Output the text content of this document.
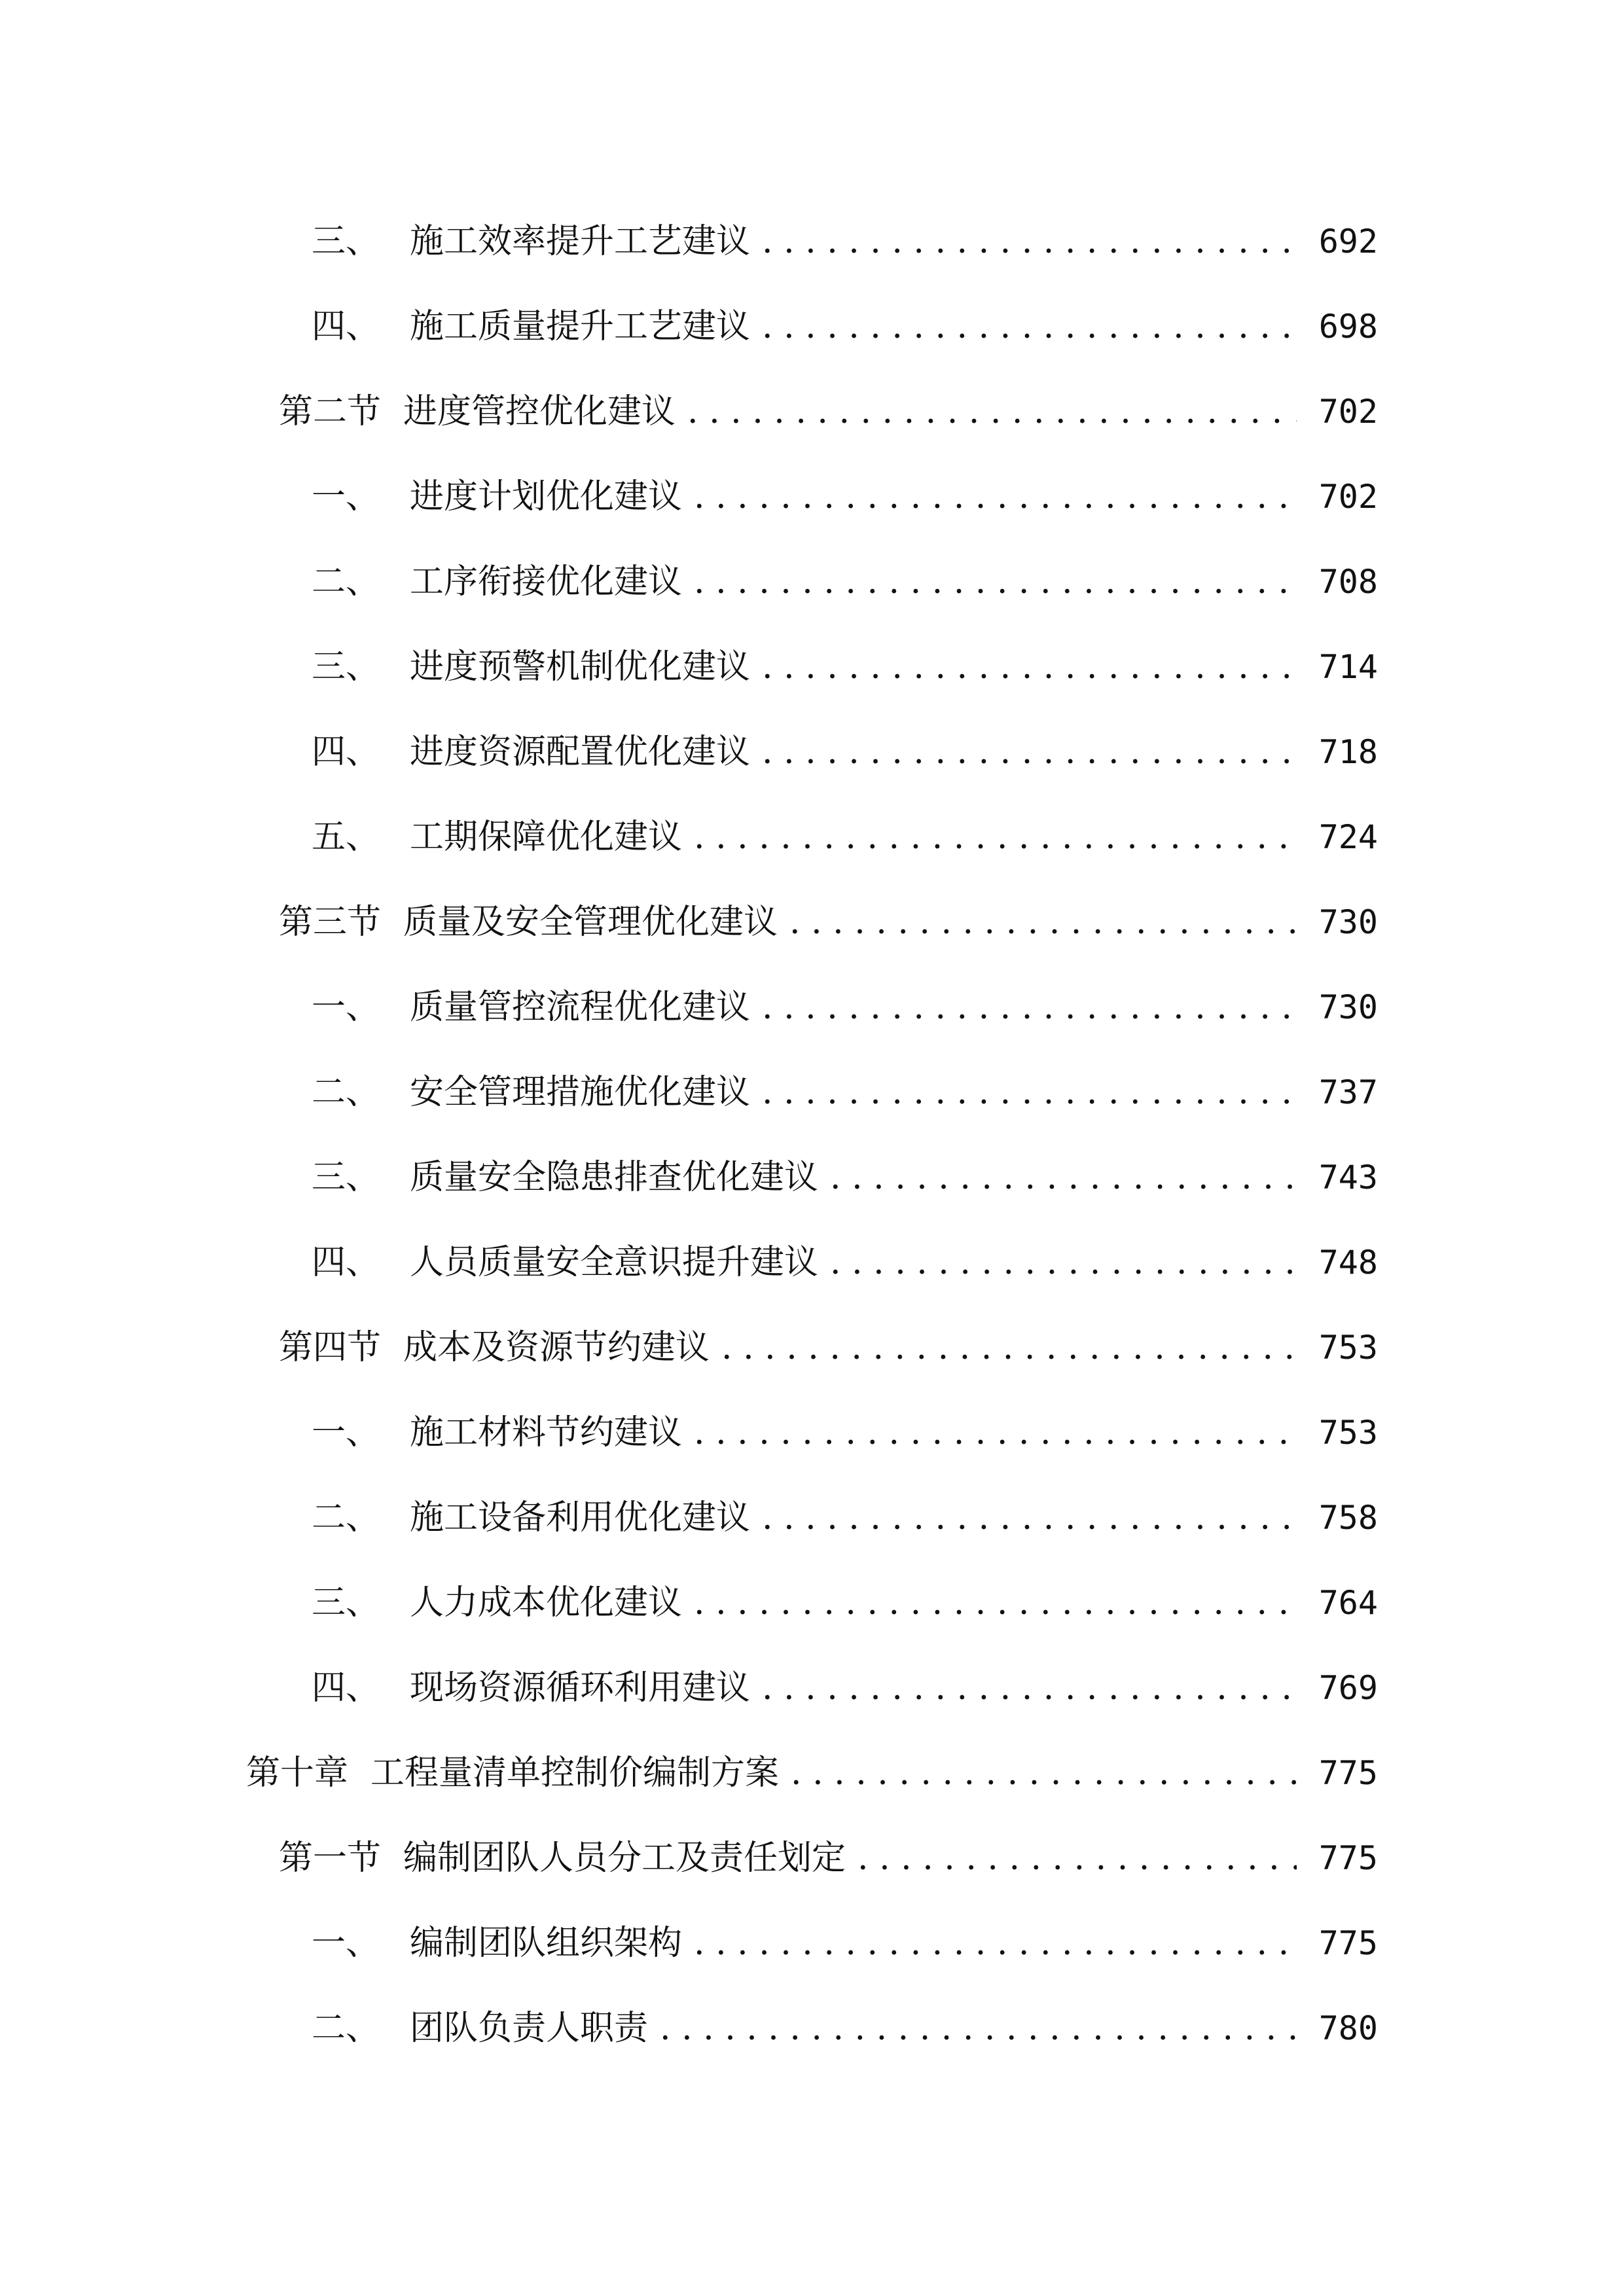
三、 施工效率提升工艺建议 . . .	692
四、 施工质量提升工艺建议 . . .	698
第二节 进度管控优化建议 . . .	702
一、 进度计划优化建议 . . .	702
二、 工序衔接优化建议 . . .	708
三、 进度预警机制优化建议 . . .	714
四、 进度资源配置优化建议 . . .	718
五、 工期保障优化建议 . . .	724
第三节 质量及安全管理优化建议 . . .	730
一、 质量管控流程优化建议 . . .	730
二、 安全管理措施优化建议 . . .	737
三、 质量安全隐患排查优化建议 . . .	743
四、 人员质量安全意识提升建议 . . .	748
第四节 成本及资源节约建议 . . .	753
一、 施工材料节约建议 . . .	753
二、 施工设备利用优化建议 . . .	758
三、 人力成本优化建议 . . .	764
四、 现场资源循环利用建议 . . .	769
第十章 工程量清单控制价编制方案 . . .	775
第一节 编制团队人员分工及责任划定 . . .	775
一、 编制团队组织架构 . . .	775
二、 团队负责人职责 . . .	780
